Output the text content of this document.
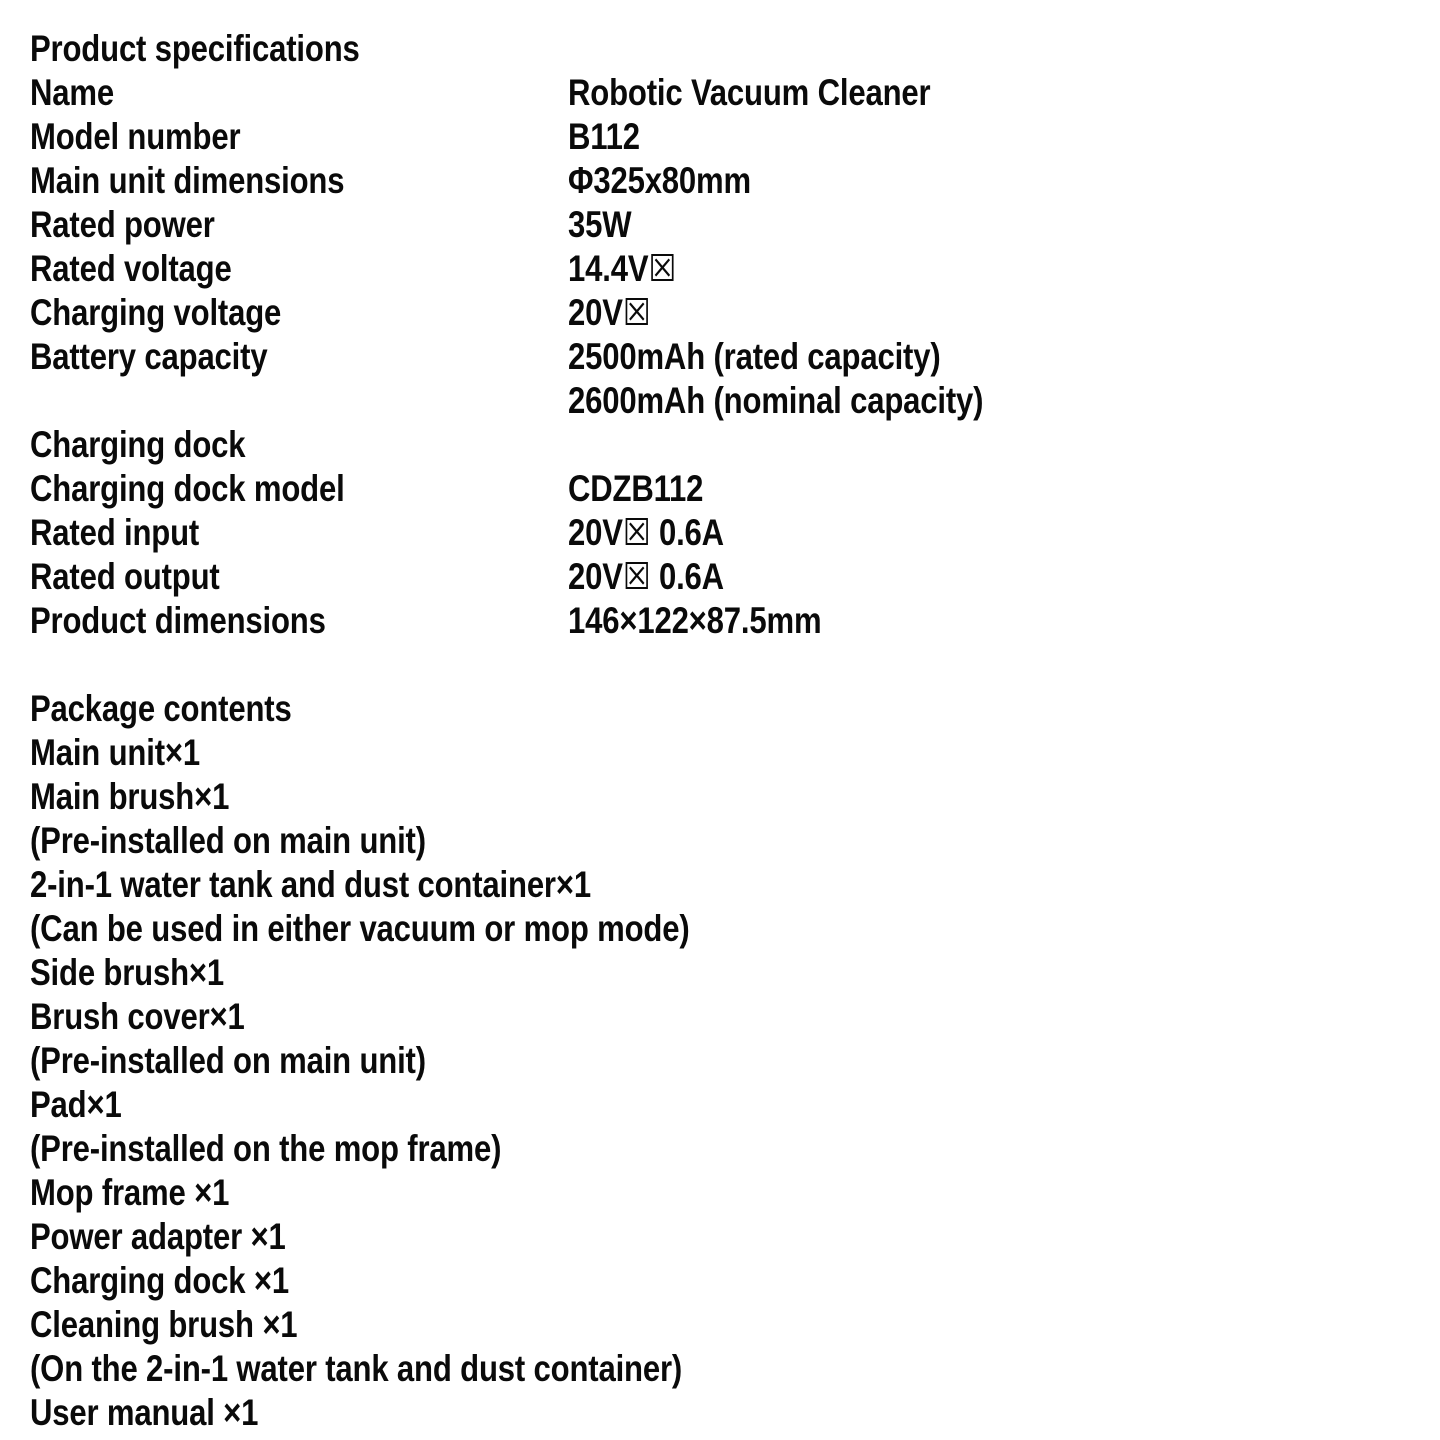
Product specifications
Name	Robotic Vacuum Cleaner
Model number	B112
Main unit dimensions	Φ325x80mm
Rated power	35W
Rated voltage	14.4V☒
Charging voltage	20V☒
Battery capacity	2500mAh (rated capacity)
2600mAh (nominal capacity)
Charging dock
Charging dock model	CDZB112
Rated input	20V☒ 0.6A
Rated output	20V☒ 0.6A
Product dimensions	146×122×87.5mm
Package contents
Main unit×1
Main brush×1
(Pre-installed on main unit)
2-in-1 water tank and dust container×1
(Can be used in either vacuum or mop mode)
Side brush×1
Brush cover×1
(Pre-installed on main unit)
Pad×1
(Pre-installed on the mop frame)
Mop frame ×1
Power adapter ×1
Charging dock ×1
Cleaning brush ×1
(On the 2-in-1 water tank and dust container)
User manual ×1
